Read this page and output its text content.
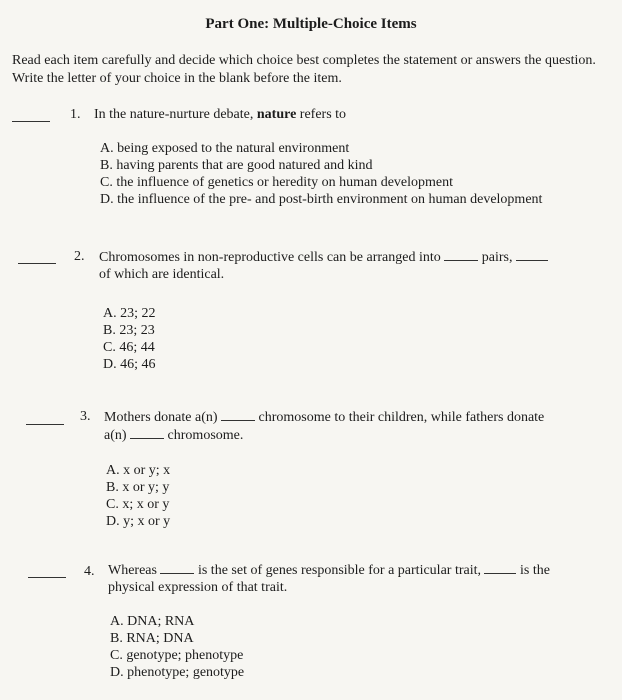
Part One: Multiple-Choice Items
Read each item carefully and decide which choice best completes the statement or answers the question. Write the letter of your choice in the blank before the item.
1. In the nature-nurture debate, nature refers to
A. being exposed to the natural environment
B. having parents that are good natured and kind
C. the influence of genetics or heredity on human development
D. the influence of the pre- and post-birth environment on human development
2. Chromosomes in non-reproductive cells can be arranged into	pairs,
of which are identical.
A. 23; 22
B. 23; 23
C. 46; 44
D. 46; 46
3. Mothers donate a(n)	chromosome to their children, while fathers donate
a(n)	chromosome.
A. x or y; x
B. x or y; y
C. x; x or y
D. y; x or y
4. Whereas	is the set of genes responsible for a particular trait,	is the
physical expression of that trait.
A. DNA; RNA
B. RNA; DNA
C. genotype; phenotype
D. phenotype; genotype
